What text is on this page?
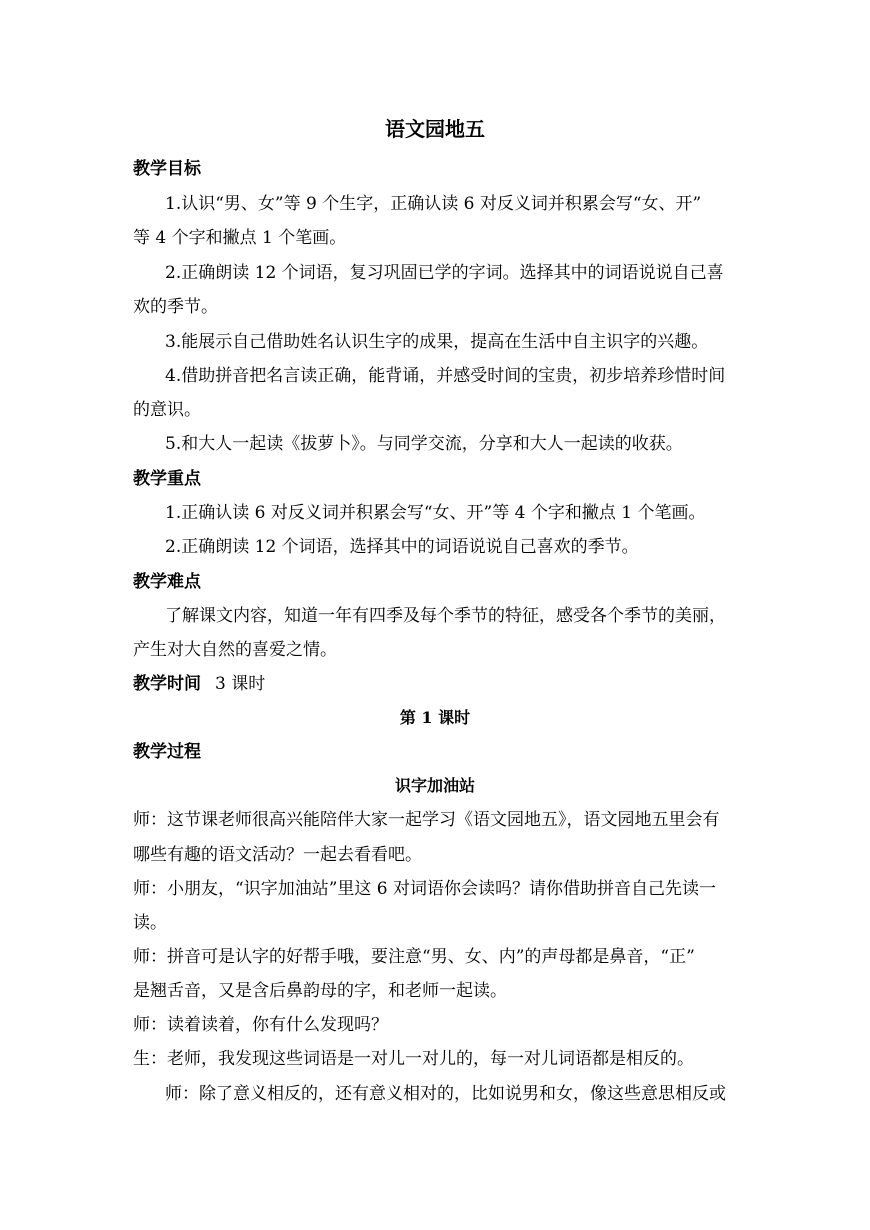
语文园地五
教学目标
1.认识“男、女”等 9 个生字，正确认读 6 对反义词并积累会写“女、开”
等 4 个字和撇点 1 个笔画。
2.正确朗读 12 个词语，复习巩固已学的字词。选择其中的词语说说自己喜
欢的季节。
3.能展示自己借助姓名认识生字的成果，提高在生活中自主识字的兴趣。
4.借助拼音把名言读正确，能背诵，并感受时间的宝贵，初步培养珍惜时间
的意识。
5.和大人一起读《拔萝卜》。与同学交流，分享和大人一起读的收获。
教学重点
1.正确认读 6 对反义词并积累会写“女、开”等 4 个字和撇点 1 个笔画。
2.正确朗读 12 个词语，选择其中的词语说说自己喜欢的季节。
教学难点
了解课文内容，知道一年有四季及每个季节的特征，感受各个季节的美丽，
产生对大自然的喜爱之情。
教学时间 3 课时
第 1 课时
教学过程
识字加油站
师：这节课老师很高兴能陪伴大家一起学习《语文园地五》，语文园地五里会有
哪些有趣的语文活动？一起去看看吧。
师：小朋友，“识字加油站”里这 6 对词语你会读吗？请你借助拼音自己先读一
读。
师：拼音可是认字的好帮手哦，要注意“男、女、内”的声母都是鼻音，“正”
是翘舌音，又是含后鼻韵母的字，和老师一起读。
师：读着读着，你有什么发现吗？
生：老师，我发现这些词语是一对儿一对儿的，每一对儿词语都是相反的。
师：除了意义相反的，还有意义相对的，比如说男和女，像这些意思相反或
